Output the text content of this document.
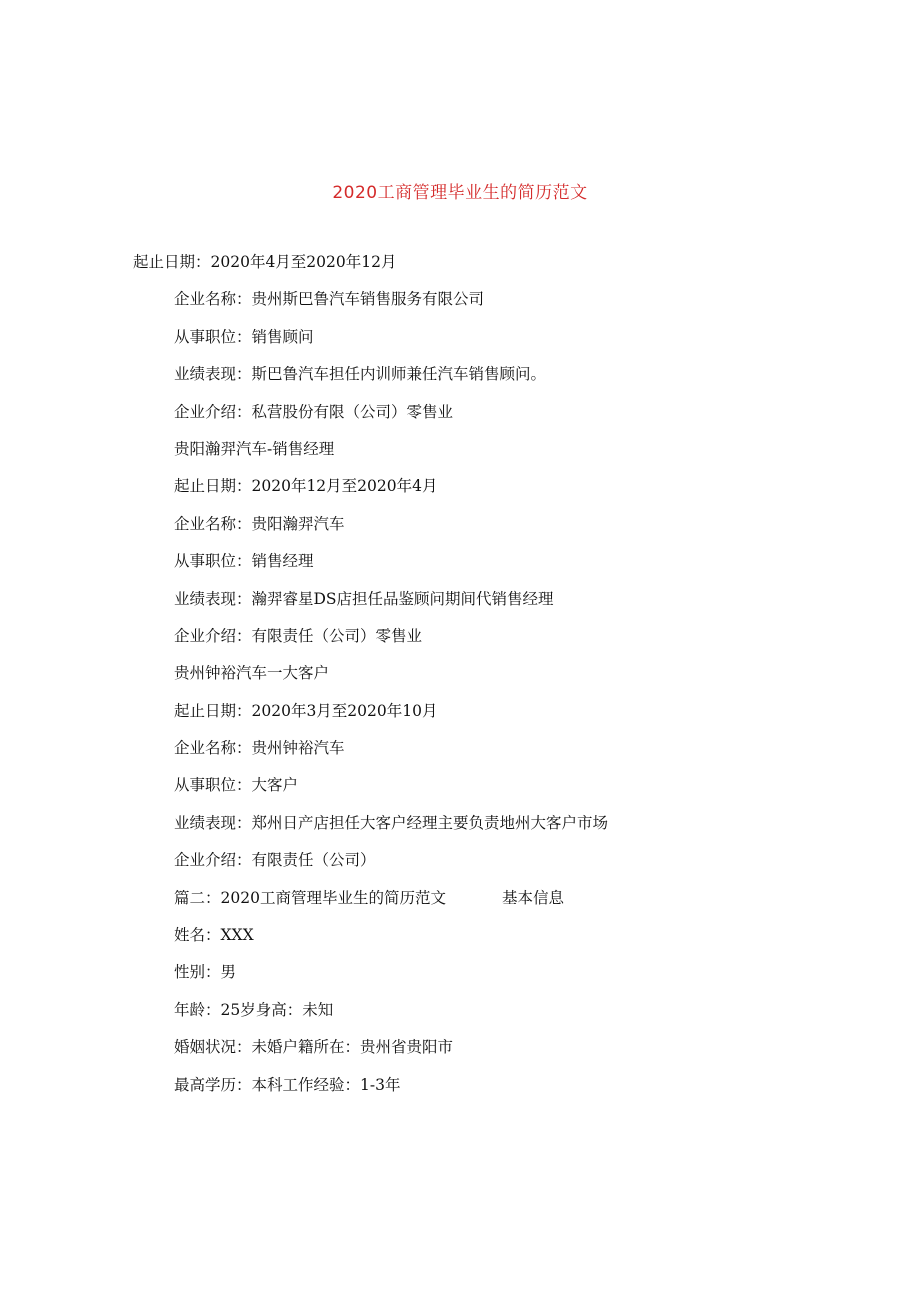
2020工商管理毕业生的简历范文
起止日期：2020年4月至2020年12月
企业名称：贵州斯巴鲁汽车销售服务有限公司
从事职位：销售顾问
业绩表现：斯巴鲁汽车担任内训师兼任汽车销售顾问。
企业介绍：私营股份有限（公司）零售业
贵阳瀚羿汽车-销售经理
起止日期：2020年12月至2020年4月
企业名称：贵阳瀚羿汽车
从事职位：销售经理
业绩表现：瀚羿睿星DS店担任品鉴顾问期间代销售经理
企业介绍：有限责任（公司）零售业
贵州钟裕汽车一大客户
起止日期：2020年3月至2020年10月
企业名称：贵州钟裕汽车
从事职位：大客户
业绩表现：郑州日产店担任大客户经理主要负责地州大客户市场
企业介绍：有限责任（公司）
篇二：2020工商管理毕业生的简历范文	基本信息
姓名：XXX
性别：男
年龄：25岁身高：未知
婚姻状况：未婚户籍所在：贵州省贵阳市
最高学历：本科工作经验：1-3年
